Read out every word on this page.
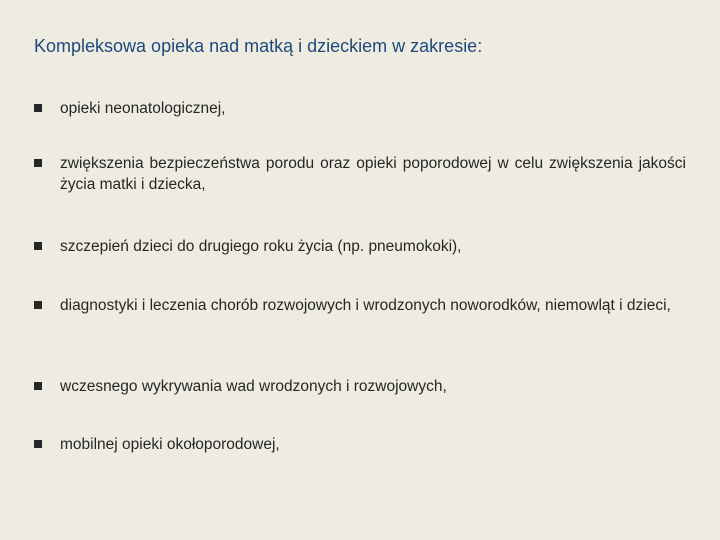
Kompleksowa opieka nad matką i dzieckiem w zakresie:
opieki neonatologicznej,
zwiększenia bezpieczeństwa porodu oraz opieki poporodowej w celu zwiększenia jakości życia matki i dziecka,
szczepień dzieci do drugiego roku życia (np. pneumokoki),
diagnostyki i leczenia chorób rozwojowych i wrodzonych noworodków, niemowląt i dzieci,
wczesnego wykrywania wad wrodzonych i rozwojowych,
mobilnej opieki okołoporodowej,
